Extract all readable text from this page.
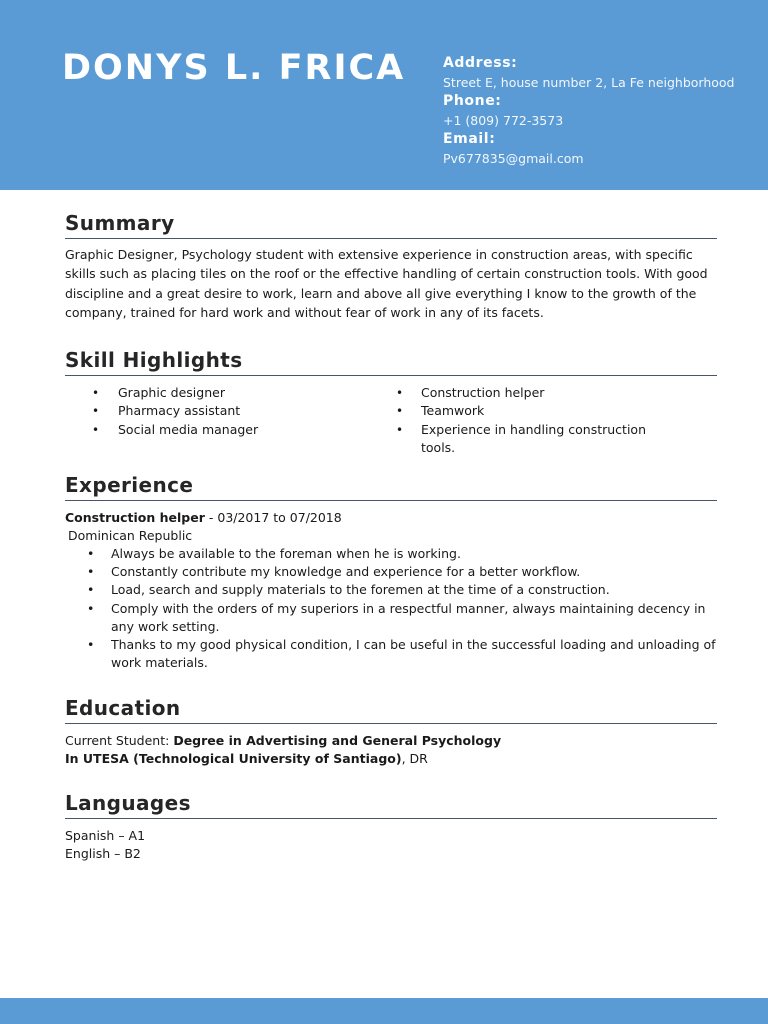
DONYS L. FRICA	Address:
Street E, house number 2, La Fe neighborhood
Phone:
+1 (809) 772-3573
Email:
Pv677835@gmail.com
Summary
Graphic Designer, Psychology student with extensive experience in construction areas, with specific skills such as placing tiles on the roof or the effective handling of certain construction tools. With good discipline and a great desire to work, learn and above all give everything I know to the growth of the company, trained for hard work and without fear of work in any of its facets.
Skill Highlights
• Graphic designer
• Pharmacy assistant
• Social media manager
• Construction helper
• Teamwork
• Experience in handling construction tools.
Experience
Construction helper - 03/2017 to 07/2018
Dominican Republic
• Always be available to the foreman when he is working.
• Constantly contribute my knowledge and experience for a better workflow.
• Load, search and supply materials to the foremen at the time of a construction.
• Comply with the orders of my superiors in a respectful manner, always maintaining decency in any work setting.
• Thanks to my good physical condition, I can be useful in the successful loading and unloading of work materials.
Education
Current Student: Degree in Advertising and General Psychology
In UTESA (Technological University of Santiago), DR
Languages
Spanish – A1
English – B2
